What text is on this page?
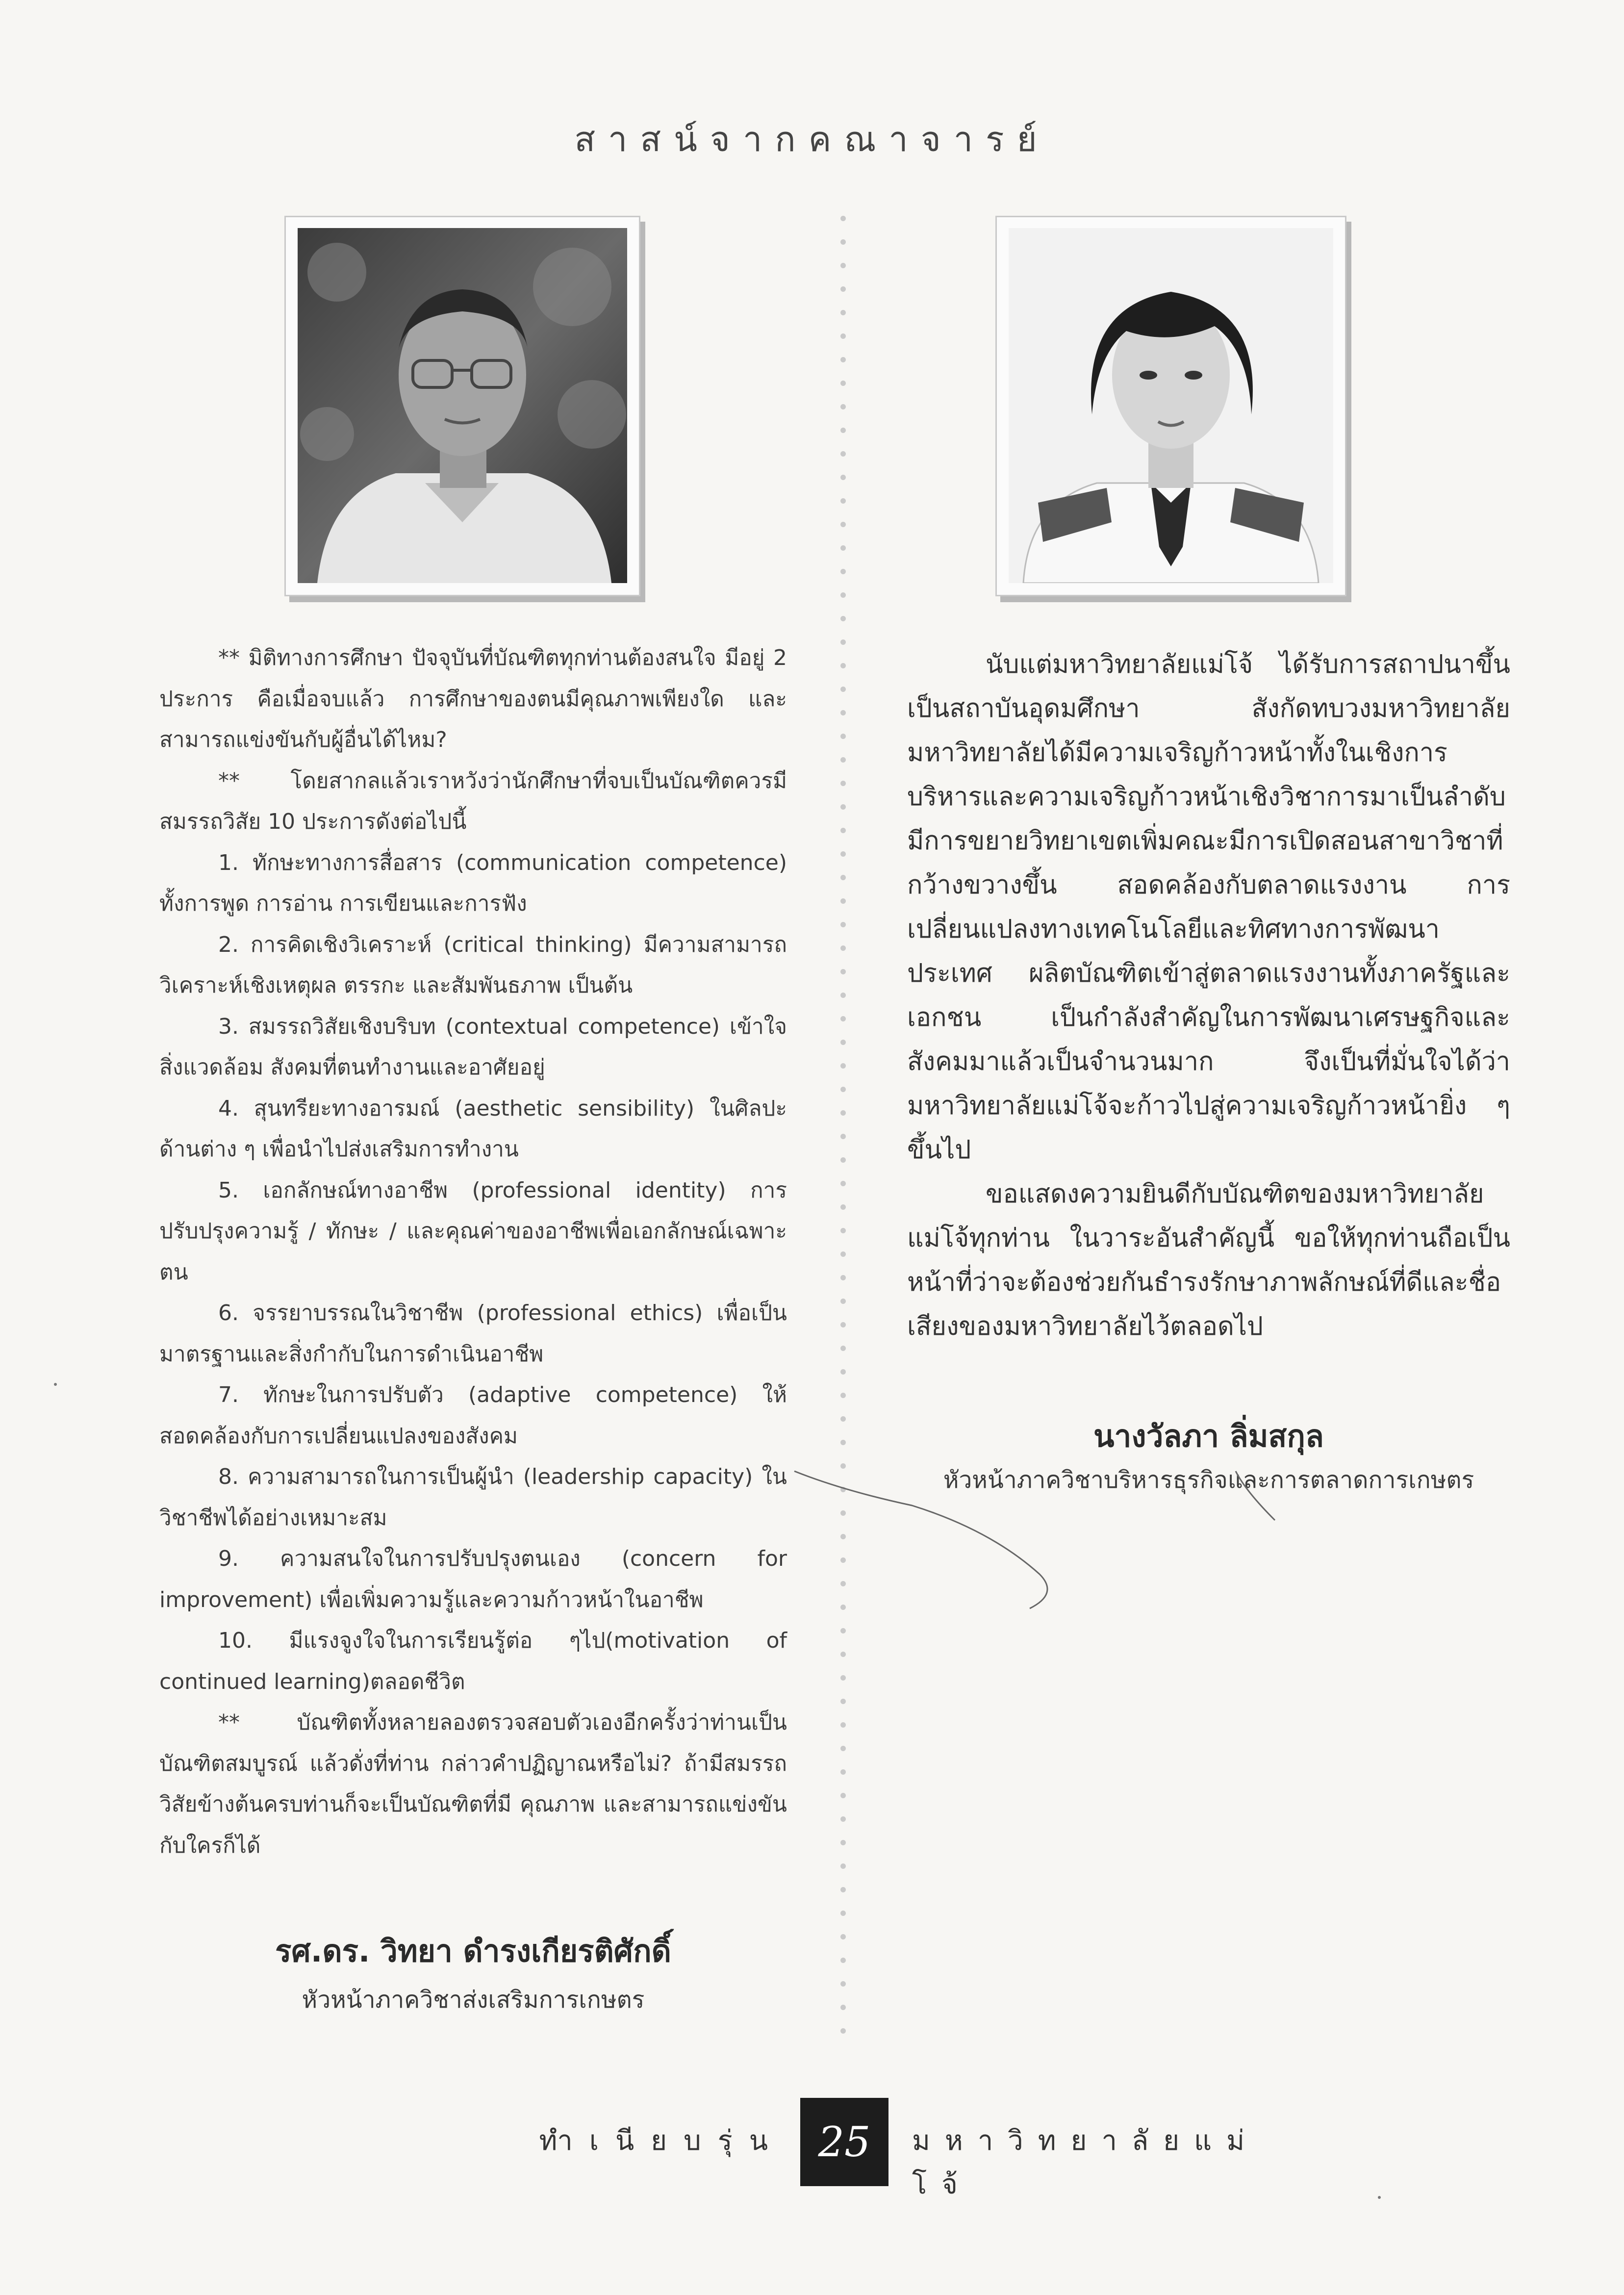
สาสน์จากคณาจารย์

** มิติทางการศึกษา ปัจจุบันที่บัณฑิตทุกท่านต้องสนใจ มีอยู่ 2 ประการ คือเมื่อจบแล้ว การศึกษาของตนมีคุณภาพเพียงใด และสามารถแข่งขันกับผู้อื่นได้ไหม?

** โดยสากลแล้วเราหวังว่านักศึกษาที่จบเป็นบัณฑิตควรมีสมรรถวิสัย 10 ประการดังต่อไปนี้

1. ทักษะทางการสื่อสาร (communication competence) ทั้งการพูด การอ่าน การเขียนและการฟัง

2. การคิดเชิงวิเคราะห์ (critical thinking) มีความสามารถวิเคราะห์เชิงเหตุผล ตรรกะ และสัมพันธภาพ เป็นต้น

3. สมรรถวิสัยเชิงบริบท (contextual competence) เข้าใจสิ่งแวดล้อม สังคมที่ตนทำงานและอาศัยอยู่

4. สุนทรียะทางอารมณ์ (aesthetic sensibility) ในศิลปะด้านต่าง ๆ เพื่อนำไปส่งเสริมการทำงาน

5. เอกลักษณ์ทางอาชีพ (professional identity) การปรับปรุงความรู้ / ทักษะ / และคุณค่าของอาชีพเพื่อเอกลักษณ์เฉพาะตน

6. จรรยาบรรณในวิชาชีพ (professional ethics) เพื่อเป็นมาตรฐานและสิ่งกำกับในการดำเนินอาชีพ

7. ทักษะในการปรับตัว (adaptive competence) ให้สอดคล้องกับการเปลี่ยนแปลงของสังคม

8. ความสามารถในการเป็นผู้นำ (leadership capacity) ในวิชาชีพได้อย่างเหมาะสม

9. ความสนใจในการปรับปรุงตนเอง (concern for improvement) เพื่อเพิ่มความรู้และความก้าวหน้าในอาชีพ

10. มีแรงจูงใจในการเรียนรู้ต่อ ๆไป(motivation of continued learning)ตลอดชีวิต

** บัณฑิตทั้งหลายลองตรวจสอบตัวเองอีกครั้งว่าท่านเป็นบัณฑิตสมบูรณ์ แล้วดั่งที่ท่าน กล่าวคำปฏิญาณหรือไม่? ถ้ามีสมรรถวิสัยข้างต้นครบท่านก็จะเป็นบัณฑิตที่มี คุณภาพ และสามารถแข่งขัน กับใครก็ได้

รศ.ดร. วิทยา ดำรงเกียรติศักดิ์
หัวหน้าภาควิชาส่งเสริมการเกษตร

นับแต่มหาวิทยาลัยแม่โจ้ ได้รับการสถาปนาขึ้นเป็นสถาบันอุดมศึกษา สังกัดทบวงมหาวิทยาลัย มหาวิทยาลัยได้มีความเจริญก้าวหน้าทั้งในเชิงการบริหารและความเจริญก้าวหน้าเชิงวิชาการมาเป็นลำดับ มีการขยายวิทยาเขตเพิ่มคณะมีการเปิดสอนสาขาวิชาที่กว้างขวางขึ้น สอดคล้องกับตลาดแรงงาน การเปลี่ยนแปลงทางเทคโนโลยีและทิศทางการพัฒนาประเทศ ผลิตบัณฑิตเข้าสู่ตลาดแรงงานทั้งภาครัฐและเอกชน เป็นกำลังสำคัญในการพัฒนาเศรษฐกิจและสังคมมาแล้วเป็นจำนวนมาก จึงเป็นที่มั่นใจได้ว่ามหาวิทยาลัยแม่โจ้จะก้าวไปสู่ความเจริญก้าวหน้ายิ่ง ๆ ขึ้นไป

ขอแสดงความยินดีกับบัณฑิตของมหาวิทยาลัยแม่โจ้ทุกท่าน ในวาระอันสำคัญนี้ ขอให้ทุกท่านถือเป็นหน้าที่ว่าจะต้องช่วยกันธำรงรักษาภาพลักษณ์ที่ดีและชื่อเสียงของมหาวิทยาลัยไว้ตลอดไป

นางวัลภา ลิ่มสกุล
หัวหน้าภาควิชาบริหารธุรกิจและการตลาดการเกษตร
ทำเนียบรุ่น 25	มหาวิทยาลัยแม่โจ้
